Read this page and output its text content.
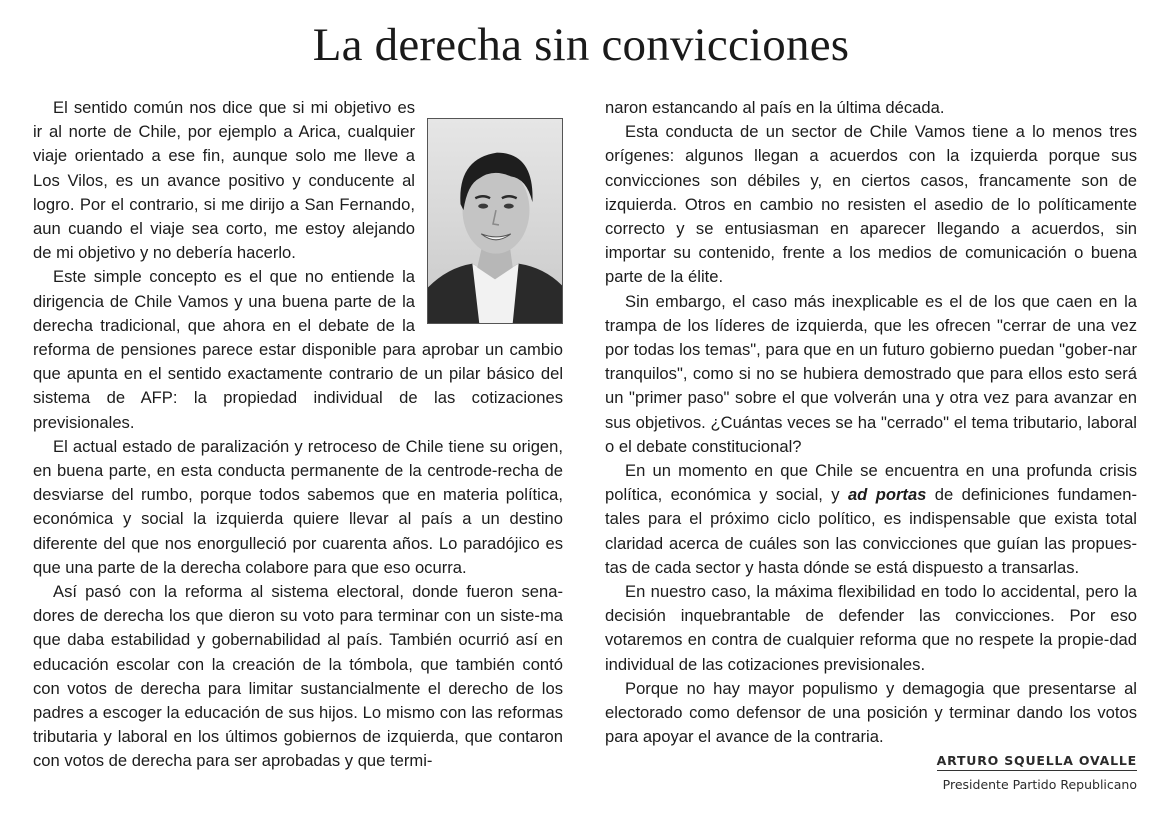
La derecha sin convicciones

El sentido común nos dice que si mi objetivo es ir al norte de Chile, por ejemplo a Arica, cualquier viaje orientado a ese fin, aunque solo me lleve a Los Vilos, es un avance positivo y conducente al logro. Por el contrario, si me dirijo a San Fernando, aun cuando el viaje sea corto, me estoy alejando de mi objetivo y no debería hacerlo.

Este simple concepto es el que no entiende la dirigencia de Chile Vamos y una buena parte de la derecha tradicional, que ahora en el debate de la reforma de pensiones parece estar disponible para aprobar un cambio que apunta en el sentido exactamente contrario de un pilar básico del sistema de AFP: la propiedad individual de las cotizaciones previsionales.

El actual estado de paralización y retroceso de Chile tiene su origen, en buena parte, en esta conducta permanente de la centrode-recha de desviarse del rumbo, porque todos sabemos que en materia política, económica y social la izquierda quiere llevar al país a un destino diferente del que nos enorgulleció por cuarenta años. Lo paradójico es que una parte de la derecha colabore para que eso ocurra.

Así pasó con la reforma al sistema electoral, donde fueron sena-dores de derecha los que dieron su voto para terminar con un siste-ma que daba estabilidad y gobernabilidad al país. También ocurrió así en educación escolar con la creación de la tómbola, que también contó con votos de derecha para limitar sustancialmente el derecho de los padres a escoger la educación de sus hijos. Lo mismo con las reformas tributaria y laboral en los últimos gobiernos de izquierda, que contaron con votos de derecha para ser aprobadas y que termi-

naron estancando al país en la última década.

Esta conducta de un sector de Chile Vamos tiene a lo menos tres orígenes: algunos llegan a acuerdos con la izquierda porque sus convicciones son débiles y, en ciertos casos, francamente son de izquierda. Otros en cambio no resisten el asedio de lo políticamente correcto y se entusiasman en aparecer llegando a acuerdos, sin importar su contenido, frente a los medios de comunicación o buena parte de la élite.

Sin embargo, el caso más inexplicable es el de los que caen en la trampa de los líderes de izquierda, que les ofrecen "cerrar de una vez por todas los temas", para que en un futuro gobierno puedan "gober-nar tranquilos", como si no se hubiera demostrado que para ellos esto será un "primer paso" sobre el que volverán una y otra vez para avanzar en sus objetivos. ¿Cuántas veces se ha "cerrado" el tema tributario, laboral o el debate constitucional?

En un momento en que Chile se encuentra en una profunda crisis política, económica y social, y ad portas de definiciones fundamen-tales para el próximo ciclo político, es indispensable que exista total claridad acerca de cuáles son las convicciones que guían las propues-tas de cada sector y hasta dónde se está dispuesto a transarlas.

En nuestro caso, la máxima flexibilidad en todo lo accidental, pero la decisión inquebrantable de defender las convicciones. Por eso votaremos en contra de cualquier reforma que no respete la propie-dad individual de las cotizaciones previsionales.

Porque no hay mayor populismo y demagogia que presentarse al electorado como defensor de una posición y terminar dando los votos para apoyar el avance de la contraria.

ARTURO SQUELLA OVALLE
Presidente Partido Republicano
